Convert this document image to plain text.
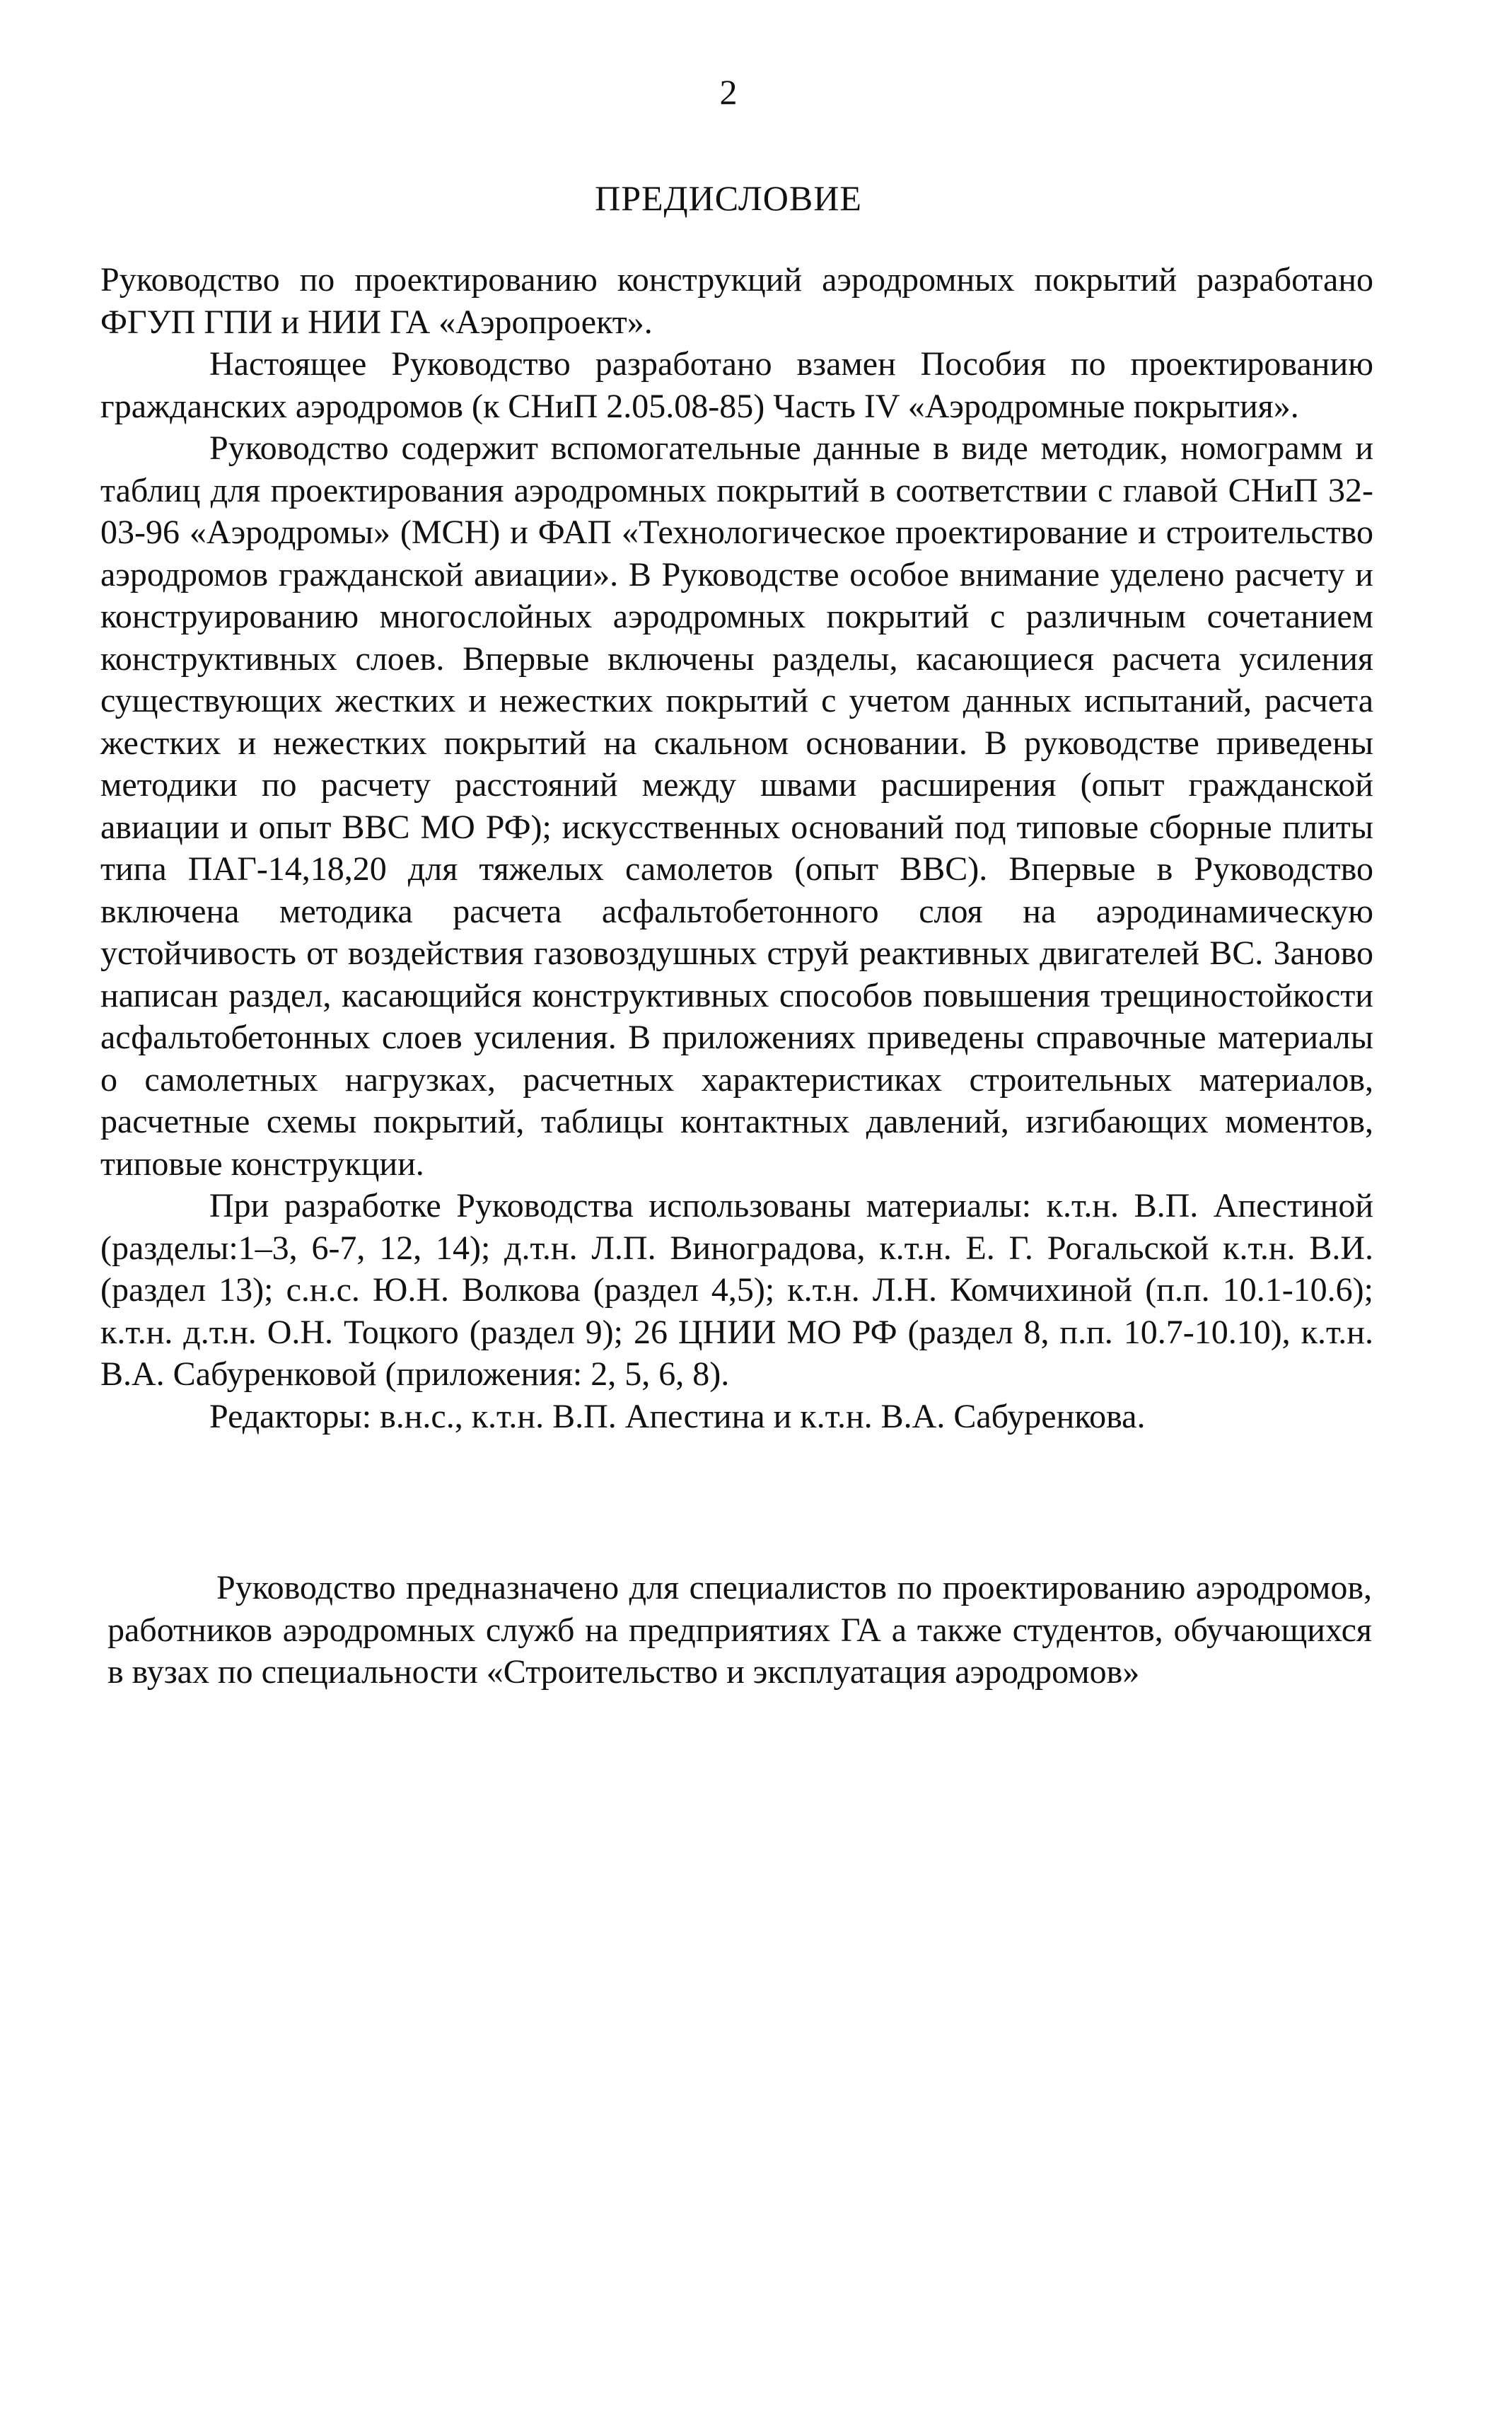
2
ПРЕДИСЛОВИЕ

Руководство по проектированию конструкций аэродромных покрытий разработано ФГУП ГПИ и НИИ ГА «Аэропроект».

Настоящее Руководство разработано взамен Пособия по проектированию гражданских аэродромов (к СНиП 2.05.08-85) Часть IV «Аэродромные покрытия».

Руководство содержит вспомогательные данные в виде методик, номограмм и таблиц для проектирования аэродромных покрытий в соответствии с главой СНиП 32-03-96 «Аэродромы» (МСН) и ФАП «Технологическое проектирование и строительство аэродромов гражданской авиации». В Руководстве особое внимание уделено расчету и конструированию многослойных аэродромных покрытий с различным сочетанием конструктивных слоев. Впервые включены разделы, касающиеся расчета усиления существующих жестких и нежестких покрытий с учетом данных испытаний, расчета жестких и нежестких покрытий на скальном основании. В руководстве приведены методики по расчету расстояний между швами расширения (опыт гражданской авиации и опыт ВВС МО РФ); искусственных оснований под типовые сборные плиты типа ПАГ-14,18,20 для тяжелых самолетов (опыт ВВС). Впервые в Руководство включена методика расчета асфальтобетонного слоя на аэродинамическую устойчивость от воздействия газовоздушных струй реактивных двигателей ВС. Заново написан раздел, касающийся конструктивных способов повышения трещиностойкости асфальтобетонных слоев усиления. В приложениях приведены справочные материалы о самолетных нагрузках, расчетных характеристиках строительных материалов, расчетные схемы покрытий, таблицы контактных давлений, изгибающих моментов, типовые конструкции.

При разработке Руководства использованы материалы: к.т.н. В.П. Апестиной (разделы:1–3, 6-7, 12, 14); д.т.н. Л.П. Виноградова, к.т.н. Е. Г. Рогальской к.т.н. В.И. (раздел 13); с.н.с. Ю.Н. Волкова (раздел 4,5); к.т.н. Л.Н. Комчихиной (п.п. 10.1-10.6); к.т.н. д.т.н. О.Н. Тоцкого (раздел 9); 26 ЦНИИ МО РФ (раздел 8, п.п. 10.7-10.10), к.т.н. В.А. Сабуренковой (приложения: 2, 5, 6, 8).

Редакторы: в.н.с., к.т.н. В.П. Апестина и к.т.н. В.А. Сабуренкова.

Руководство предназначено для специалистов по проектированию аэродромов, работников аэродромных служб на предприятиях ГА а также студентов, обучающихся в вузах по специальности «Строительство и эксплуатация аэродромов»
